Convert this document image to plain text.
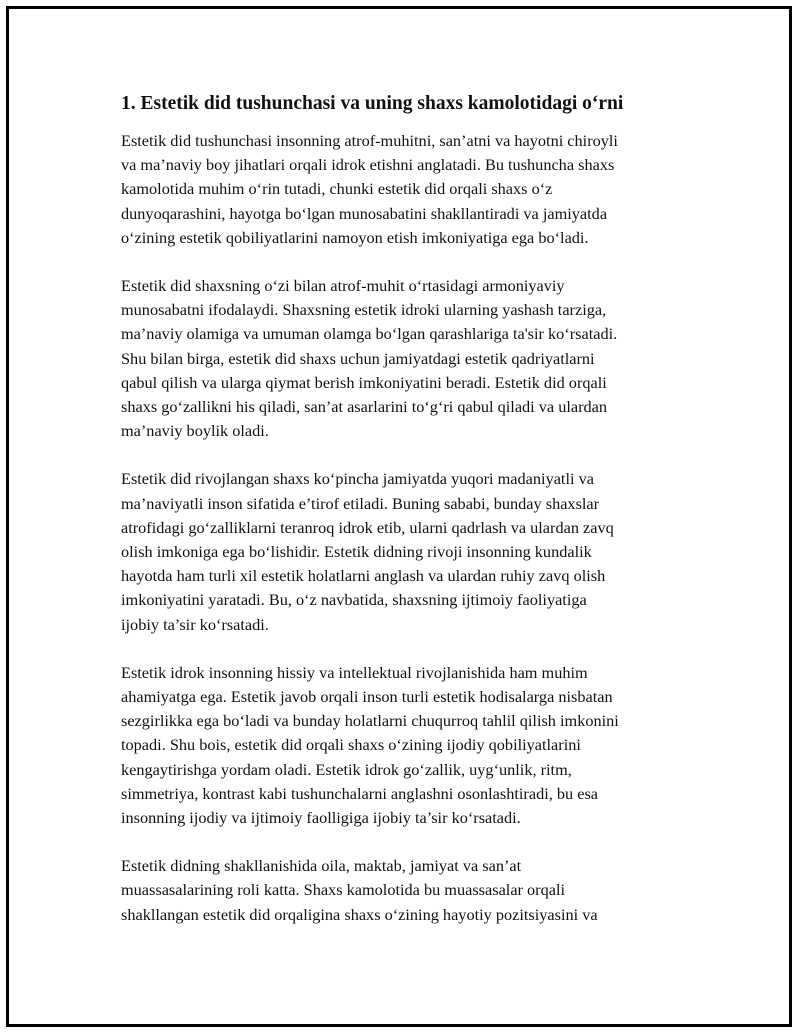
1. Estetik did tushunchasi va uning shaxs kamolotidagi o‘rni

Estetik did tushunchasi insonning atrof-muhitni, san’atni va hayotni chiroyli
va ma’naviy boy jihatlari orqali idrok etishni anglatadi. Bu tushuncha shaxs
kamolotida muhim o‘rin tutadi, chunki estetik did orqali shaxs o‘z
dunyoqarashini, hayotga bo‘lgan munosabatini shakllantiradi va jamiyatda
o‘zining estetik qobiliyatlarini namoyon etish imkoniyatiga ega bo‘ladi.

Estetik did shaxsning o‘zi bilan atrof-muhit o‘rtasidagi armoniyaviy
munosabatni ifodalaydi. Shaxsning estetik idroki ularning yashash tarziga,
ma’naviy olamiga va umuman olamga bo‘lgan qarashlariga ta'sir ko‘rsatadi.
Shu bilan birga, estetik did shaxs uchun jamiyatdagi estetik qadriyatlarni
qabul qilish va ularga qiymat berish imkoniyatini beradi. Estetik did orqali
shaxs go‘zallikni his qiladi, san’at asarlarini to‘g‘ri qabul qiladi va ulardan
ma’naviy boylik oladi.

Estetik did rivojlangan shaxs ko‘pincha jamiyatda yuqori madaniyatli va
ma’naviyatli inson sifatida e’tirof etiladi. Buning sababi, bunday shaxslar
atrofidagi go‘zalliklarni teranroq idrok etib, ularni qadrlash va ulardan zavq
olish imkoniga ega bo‘lishidir. Estetik didning rivoji insonning kundalik
hayotda ham turli xil estetik holatlarni anglash va ulardan ruhiy zavq olish
imkoniyatini yaratadi. Bu, o‘z navbatida, shaxsning ijtimoiy faoliyatiga
ijobiy ta’sir ko‘rsatadi.

Estetik idrok insonning hissiy va intellektual rivojlanishida ham muhim
ahamiyatga ega. Estetik javob orqali inson turli estetik hodisalarga nisbatan
sezgirlikka ega bo‘ladi va bunday holatlarni chuqurroq tahlil qilish imkonini
topadi. Shu bois, estetik did orqali shaxs o‘zining ijodiy qobiliyatlarini
kengaytirishga yordam oladi. Estetik idrok go‘zallik, uyg‘unlik, ritm,
simmetriya, kontrast kabi tushunchalarni anglashni osonlashtiradi, bu esa
insonning ijodiy va ijtimoiy faolligiga ijobiy ta’sir ko‘rsatadi.

Estetik didning shakllanishida oila, maktab, jamiyat va san’at
muassasalarining roli katta. Shaxs kamolotida bu muassasalar orqali
shakllangan estetik did orqaligina shaxs o‘zining hayotiy pozitsiyasini va
